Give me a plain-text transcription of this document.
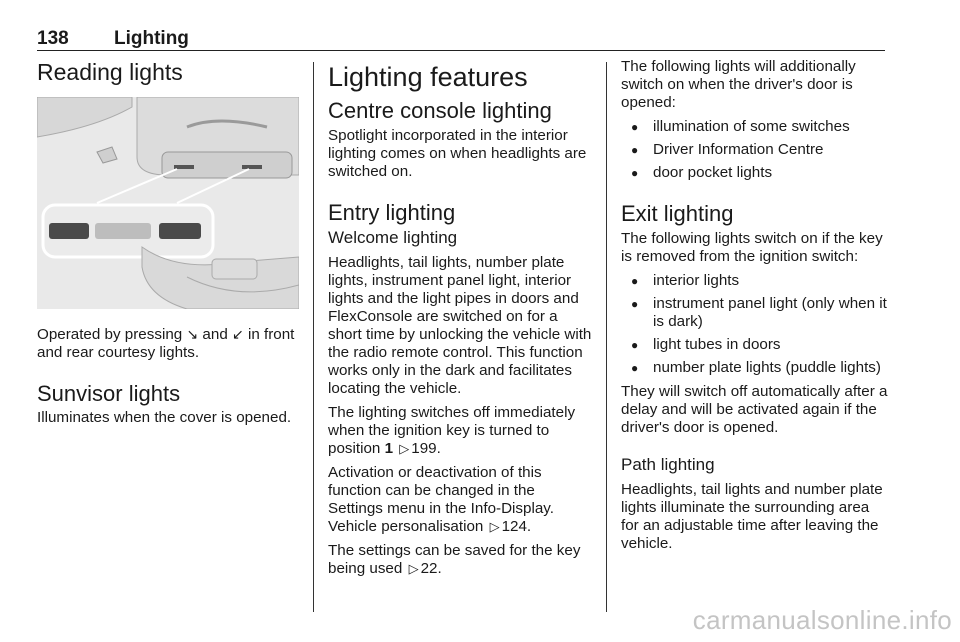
138 Lighting
Reading lights

Operated by pressing ↘ and ↙ in front and rear courtesy lights.

Sunvisor lights

Illuminates when the cover is opened.

Lighting features
Centre console lighting

Spotlight incorporated in the interior lighting comes on when headlights are switched on.

Entry lighting
Welcome lighting

Headlights, tail lights, number plate lights, instrument panel light, interior lights and the light pipes in doors and FlexConsole are switched on for a short time by unlocking the vehicle with the radio remote control. This function works only in the dark and facilitates locating the vehicle.

The lighting switches off immediately when the ignition key is turned to position 1 ▷ 199.

Activation or deactivation of this function can be changed in the Settings menu in the Info-Display. Vehicle personalisation ▷ 124.

The settings can be saved for the key being used ▷ 22.

The following lights will additionally switch on when the driver's door is opened:

● illumination of some switches
● Driver Information Centre
● door pocket lights
Exit lighting

The following lights switch on if the key is removed from the ignition switch:

● interior lights
● instrument panel light (only when it is dark)
● light tubes in doors
● number plate lights (puddle lights)

They will switch off automatically after a delay and will be activated again if the driver's door is opened.

Path lighting

Headlights, tail lights and number plate lights illuminate the surrounding area for an adjustable time after leaving the vehicle.

carmanualsonline.info
